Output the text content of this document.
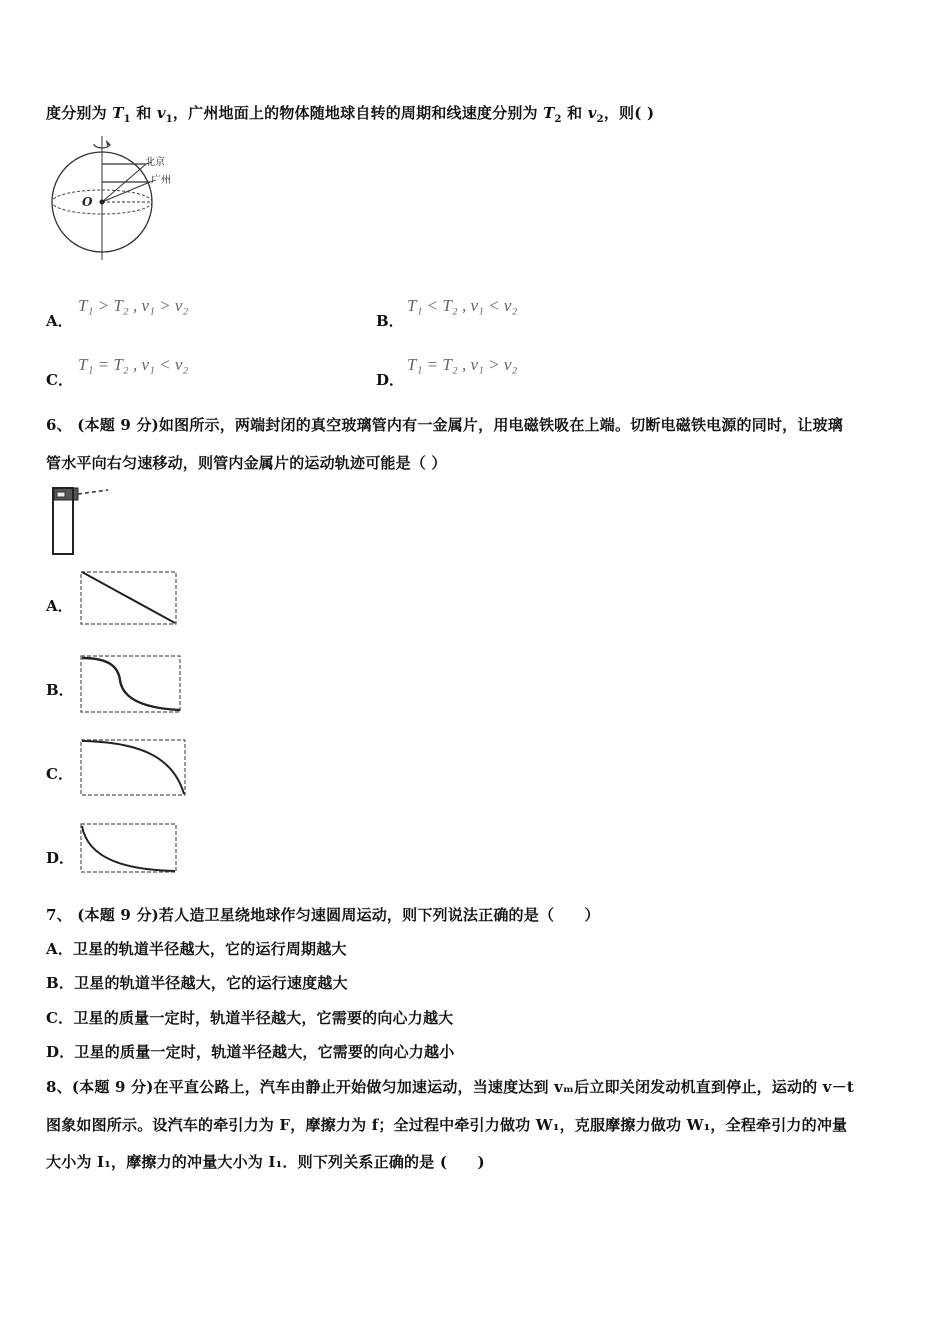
度分别为 $T_1$ 和 $v_1$，广州地面上的物体随地球自转的周期和线速度分别为 $T_2$ 和 $v_2$，则( )
北京
广州
O
A．
T₁ > T₂ , v₁ > v₂
B．
T₁ < T₂ , v₁ < v₂
C．
T₁ = T₂ , v₁ < v₂
D．
T₁ = T₂ , v₁ > v₂
6、 (本题 9 分)如图所示，两端封闭的真空玻璃管内有一金属片，用电磁铁吸在上端。切断电磁铁电源的同时，让玻璃
管水平向右匀速移动，则管内金属片的运动轨迹可能是（ ）
A．
B．
C．
D．
7、 (本题 9 分)若人造卫星绕地球作匀速圆周运动，则下列说法正确的是（　　）
A．卫星的轨道半径越大，它的运行周期越大
B．卫星的轨道半径越大，它的运行速度越大
C．卫星的质量一定时，轨道半径越大，它需要的向心力越大
D．卫星的质量一定时，轨道半径越大，它需要的向心力越小
8、(本题 9 分)在平直公路上，汽车由静止开始做匀加速运动，当速度达到 vₘ后立即关闭发动机直到停止，运动的 v－t
图象如图所示。设汽车的牵引力为 F，摩擦力为 f；全过程中牵引力做功 W₁，克服摩擦力做功 W₁，全程牵引力的冲量
大小为 I₁，摩擦力的冲量大小为 I₁．则下列关系正确的是 (　　)
